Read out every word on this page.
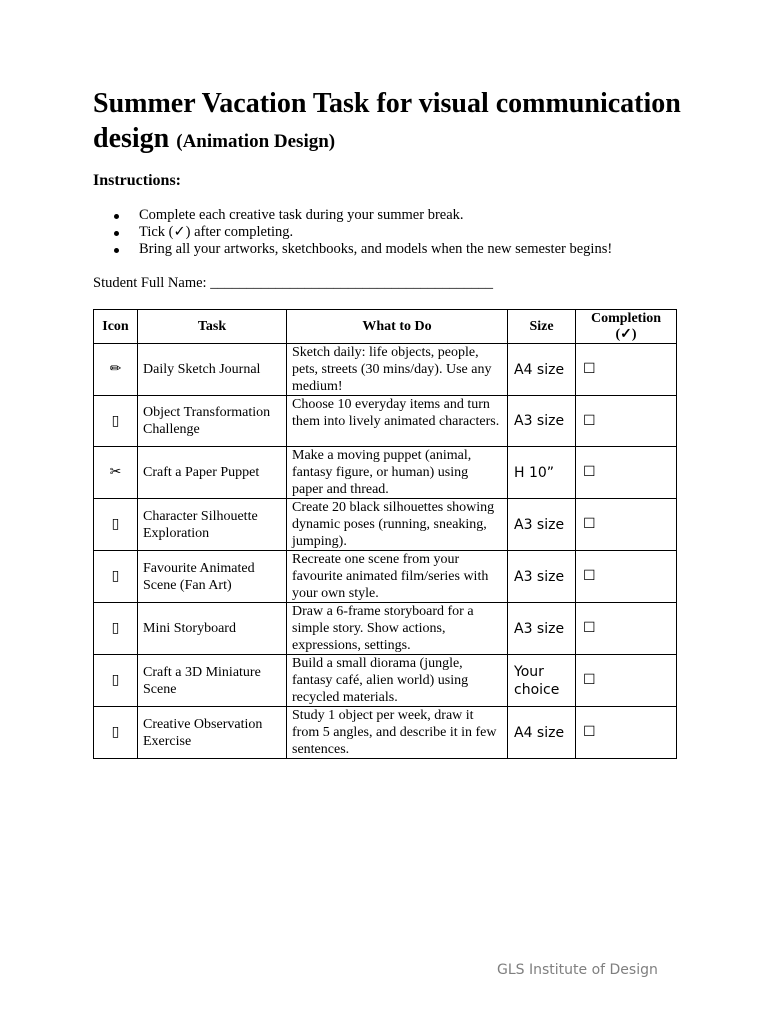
Summer Vacation Task for visual communication design (Animation Design)

Instructions:

Complete each creative task during your summer break.
Tick (✓) after completing.
Bring all your artworks, sketchbooks, and models when the new semester begins!

Student Full Name: _______________________________________

Icon	Task	What to Do	Size	Completion (✓)
✏	Daily Sketch Journal	Sketch daily: life objects, people, pets, streets (30 mins/day). Use any medium!	A4 size	☐
▯	Object Transformation Challenge	Choose 10 everyday items and turn them into lively animated characters.	A3 size	☐
✂	Craft a Paper Puppet	Make a moving puppet (animal, fantasy figure, or human) using paper and thread.	H 10”	☐
▯	Character Silhouette Exploration	Create 20 black silhouettes showing dynamic poses (running, sneaking, jumping).	A3 size	☐
▯	Favourite Animated Scene (Fan Art)	Recreate one scene from your favourite animated film/series with your own style.	A3 size	☐
▯	Mini Storyboard	Draw a 6-frame storyboard for a simple story. Show actions, expressions, settings.	A3 size	☐
▯	Craft a 3D Miniature Scene	Build a small diorama (jungle, fantasy café, alien world) using recycled materials.	Your choice	☐
▯	Creative Observation Exercise	Study 1 object per week, draw it from 5 angles, and describe it in few sentences.	A4 size	☐

GLS Institute of Design
